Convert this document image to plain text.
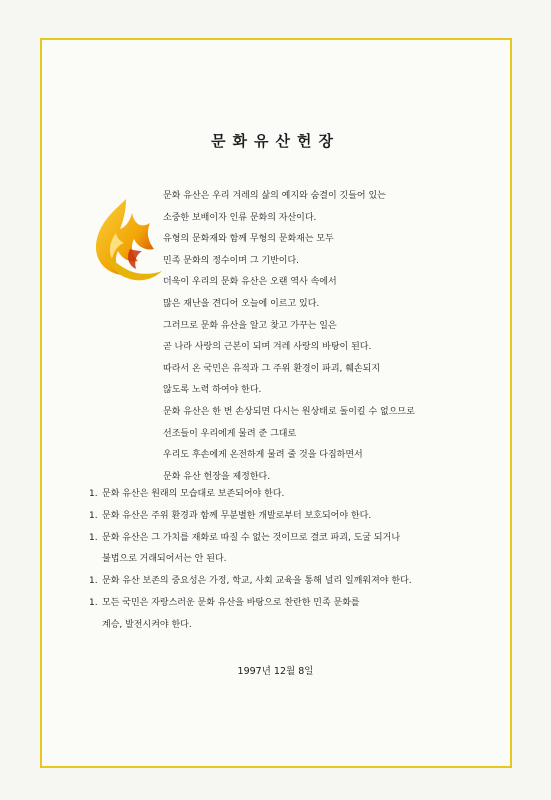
문화유산헌장
문화 유산은 우리 겨레의 삶의 예지와 숨결이 깃들어 있는
소중한 보배이자 인류 문화의 자산이다.
유형의 문화재와 함께 무형의 문화재는 모두
민족 문화의 정수이며 그 기반이다.
더욱이 우리의 문화 유산은 오랜 역사 속에서
많은 재난을 견디어 오늘에 이르고 있다.
그러므로 문화 유산을 알고 찾고 가꾸는 일은
곧 나라 사랑의 근본이 되며 겨레 사랑의 바탕이 된다.
따라서 온 국민은 유적과 그 주위 환경이 파괴, 훼손되지
않도록 노력 하여야 한다.
문화 유산은 한 번 손상되면 다시는 원상태로 돌이킬 수 없으므로
선조들이 우리에게 물려 준 그대로
우리도 후손에게 온전하게 물려 줄 것을 다짐하면서
문화 유산 헌장을 제정한다.
1. 문화 유산은 원래의 모습대로 보존되어야 한다.
1. 문화 유산은 주위 환경과 함께 무분별한 개발로부터 보호되어야 한다.
1. 문화 유산은 그 가치를 재화로 따질 수 없는 것이므로 결코 파괴, 도굴 되거나
불법으로 거래되어서는 안 된다.
1. 문화 유산 보존의 중요성은 가정, 학교, 사회 교육을 통해 널리 일깨워져야 한다.
1. 모든 국민은 자랑스러운 문화 유산을 바탕으로 찬란한 민족 문화를
계승, 발전시켜야 한다.
1997년 12월 8일
